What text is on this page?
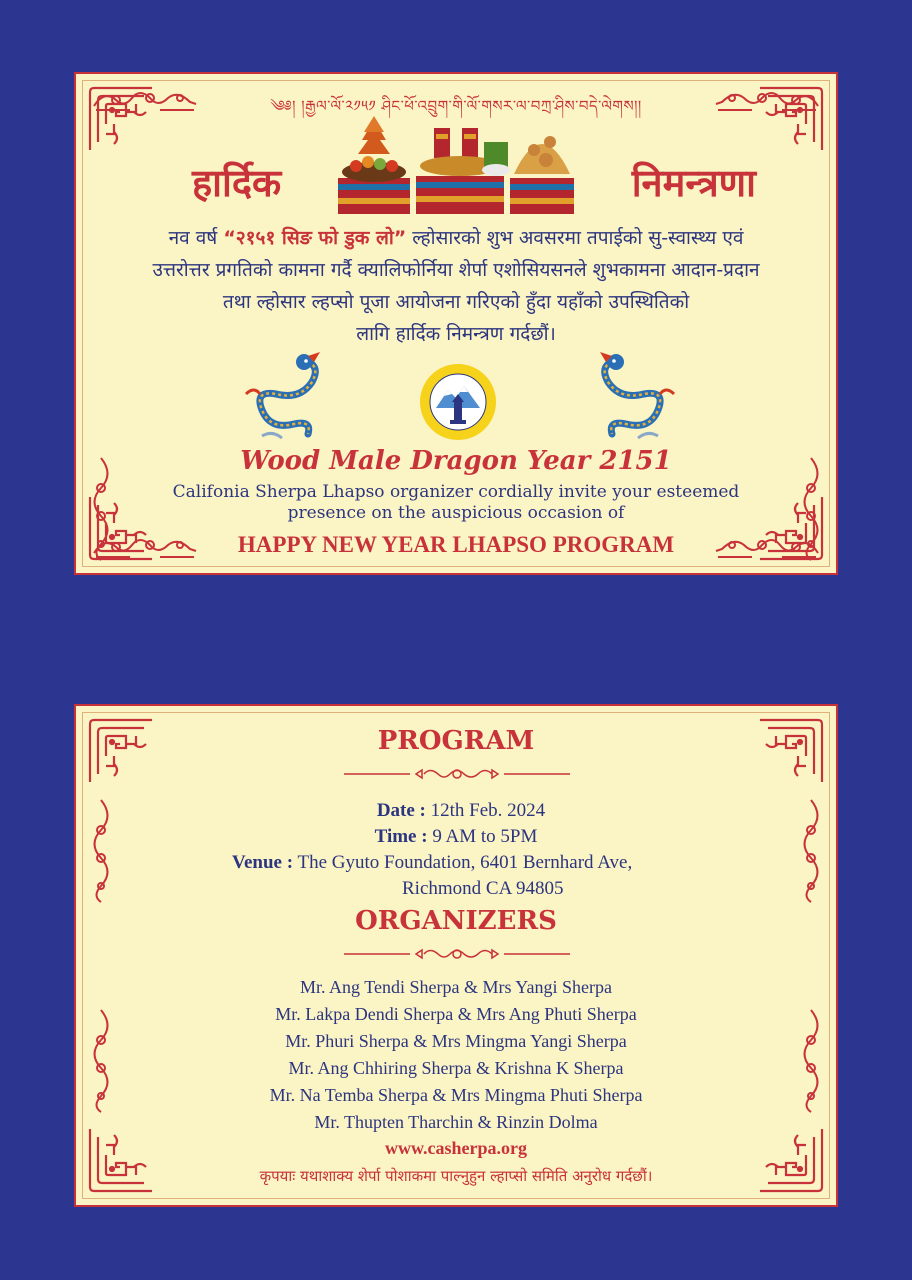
༄༅། །རྒྱལ་ལོ་༢༡༥༡ ཤིང་ཕོ་འབྲུག་གི་ལོ་གསར་ལ་བཀྲ་ཤིས་བདེ་ལེགས།།
हार्दिक	निमन्त्रणा
नव वर्ष “२१५१ सिङ फो डुक लो” ल्होसारको शुभ अवसरमा तपाईको सु-स्वास्थ्य एवं
उत्तरोत्तर प्रगतिको कामना गर्दै क्यालिफोर्निया शेर्पा एशोसियसनले शुभकामना आदान-प्रदान
तथा ल्होसार ल्हप्सो पूजा आयोजना गरिएको हुँदा यहाँको उपस्थितिको
लागि हार्दिक निमन्त्रण गर्दछौं।
Wood Male Dragon Year 2151
Califonia Sherpa Lhapso organizer cordially invite your esteemed
presence on the auspicious occasion of
HAPPY NEW YEAR LHAPSO PROGRAM
PROGRAM
Date : 12th Feb. 2024
Time : 9 AM to 5PM
Venue : The Gyuto Foundation, 6401 Bernhard Ave,
Richmond CA 94805
ORGANIZERS
Mr. Ang Tendi Sherpa & Mrs Yangi Sherpa
Mr. Lakpa Dendi Sherpa & Mrs Ang Phuti Sherpa
Mr. Phuri Sherpa & Mrs Mingma Yangi Sherpa
Mr. Ang Chhiring Sherpa & Krishna K Sherpa
Mr. Na Temba Sherpa & Mrs Mingma Phuti Sherpa
Mr. Thupten Tharchin & Rinzin Dolma
www.casherpa.org
कृपयाः यथाशाक्य शेर्पा पोशाकमा पाल्नुहुन ल्हाप्सो समिति अनुरोध गर्दछौं।
